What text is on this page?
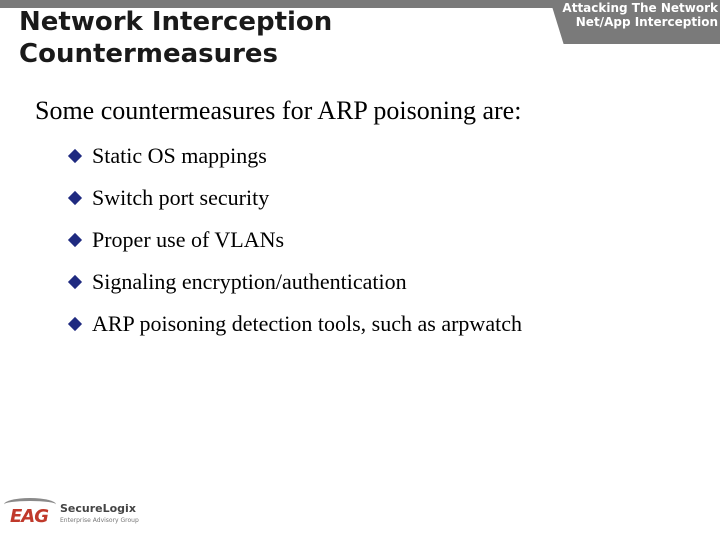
Attacking The Network
Net/App Interception
Network Interception
Countermeasures

Some countermeasures for ARP poisoning are:

Static OS mappings
Switch port security
Proper use of VLANs
Signaling encryption/authentication
ARP poisoning detection tools, such as arpwatch
EAG SecureLogix
Enterprise Advisory Group
